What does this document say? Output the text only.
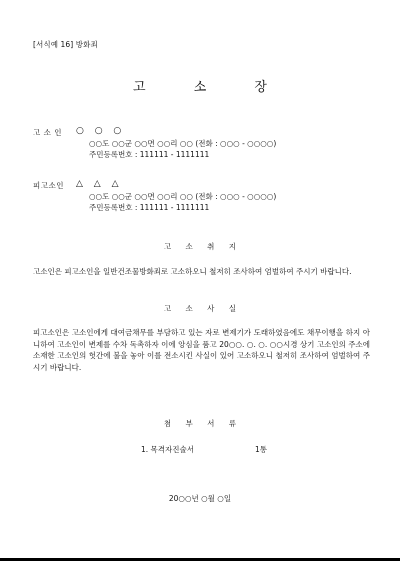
[서식예 16] 방화죄
고 소 장
고 소 인 ○ ○ ○
○○도 ○○군 ○○면 ○○리 ○○ (전화 : ○○○ - ○○○○)
주민등록번호 : 111111 - 1111111
피고소인 △ △ △
○○도 ○○군 ○○면 ○○리 ○○ (전화 : ○○○ - ○○○○)
주민등록번호 : 111111 - 1111111
고 소 취 지
고소인은 피고소인을 일반건조물방화죄로 고소하오니 철저히 조사하여 엄벌하여 주시기 바랍니다.
고 소 사 실
피고소인은 고소인에게 대여금채무를 부담하고 있는 자로 변제기가 도래하였음에도 채무이행을 하지 아니하여 고소인이 변제를 수차 독촉하자 이에 앙심을 품고 20○○. ○. ○. ○○시경 상기 고소인의 주소에 소재한 고소인의 헛간에 불을 놓아 이를 전소시킨 사실이 있어 고소하오니 철저히 조사하여 엄벌하여 주시기 바랍니다.
첨 부 서 류
1. 목격자진술서	1통
20○○년 ○월 ○일
